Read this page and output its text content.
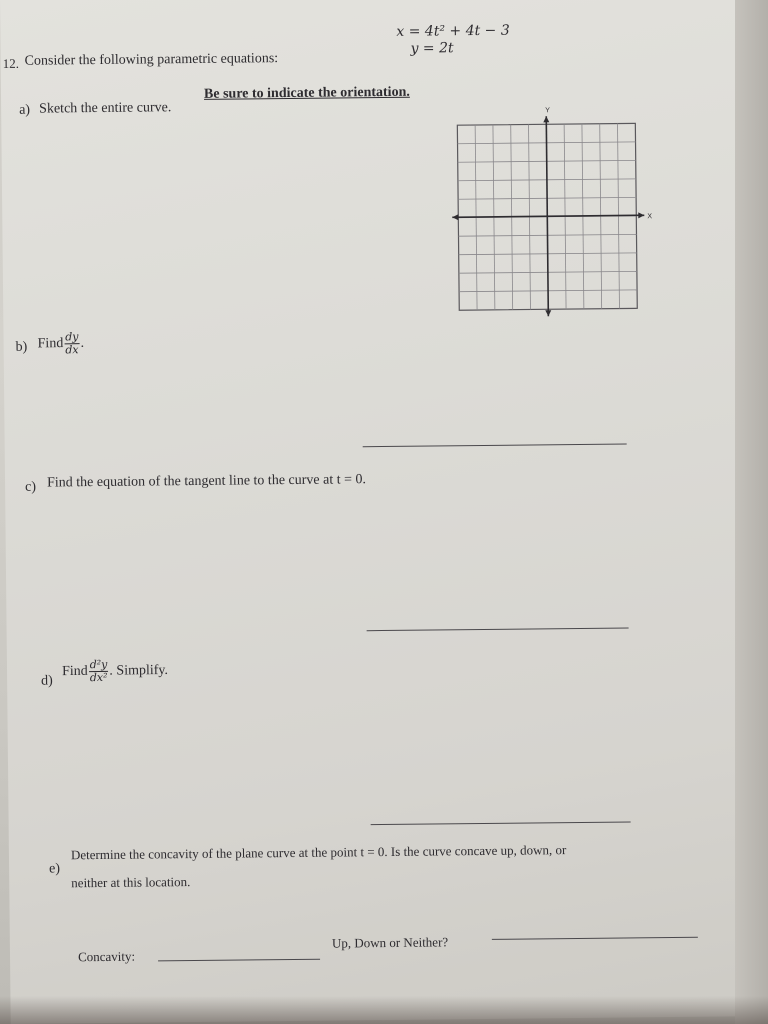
12. Consider the following parametric equations:
x = 4t² + 4t − 3
y = 2t
a) Sketch the entire curve.
Be sure to indicate the orientation.
Y
X
b) Find $\frac{dy}{dx}$ .
c) Find the equation of the tangent line to the curve at t = 0.
d)
Find $\frac{\text{d²y}}{\text{dx²}}$ . Simplify.
e)
Determine the concavity of the plane curve at the point t = 0. Is the curve concave up, down, or
neither at this location.
Concavity:
Up, Down or Neither?
